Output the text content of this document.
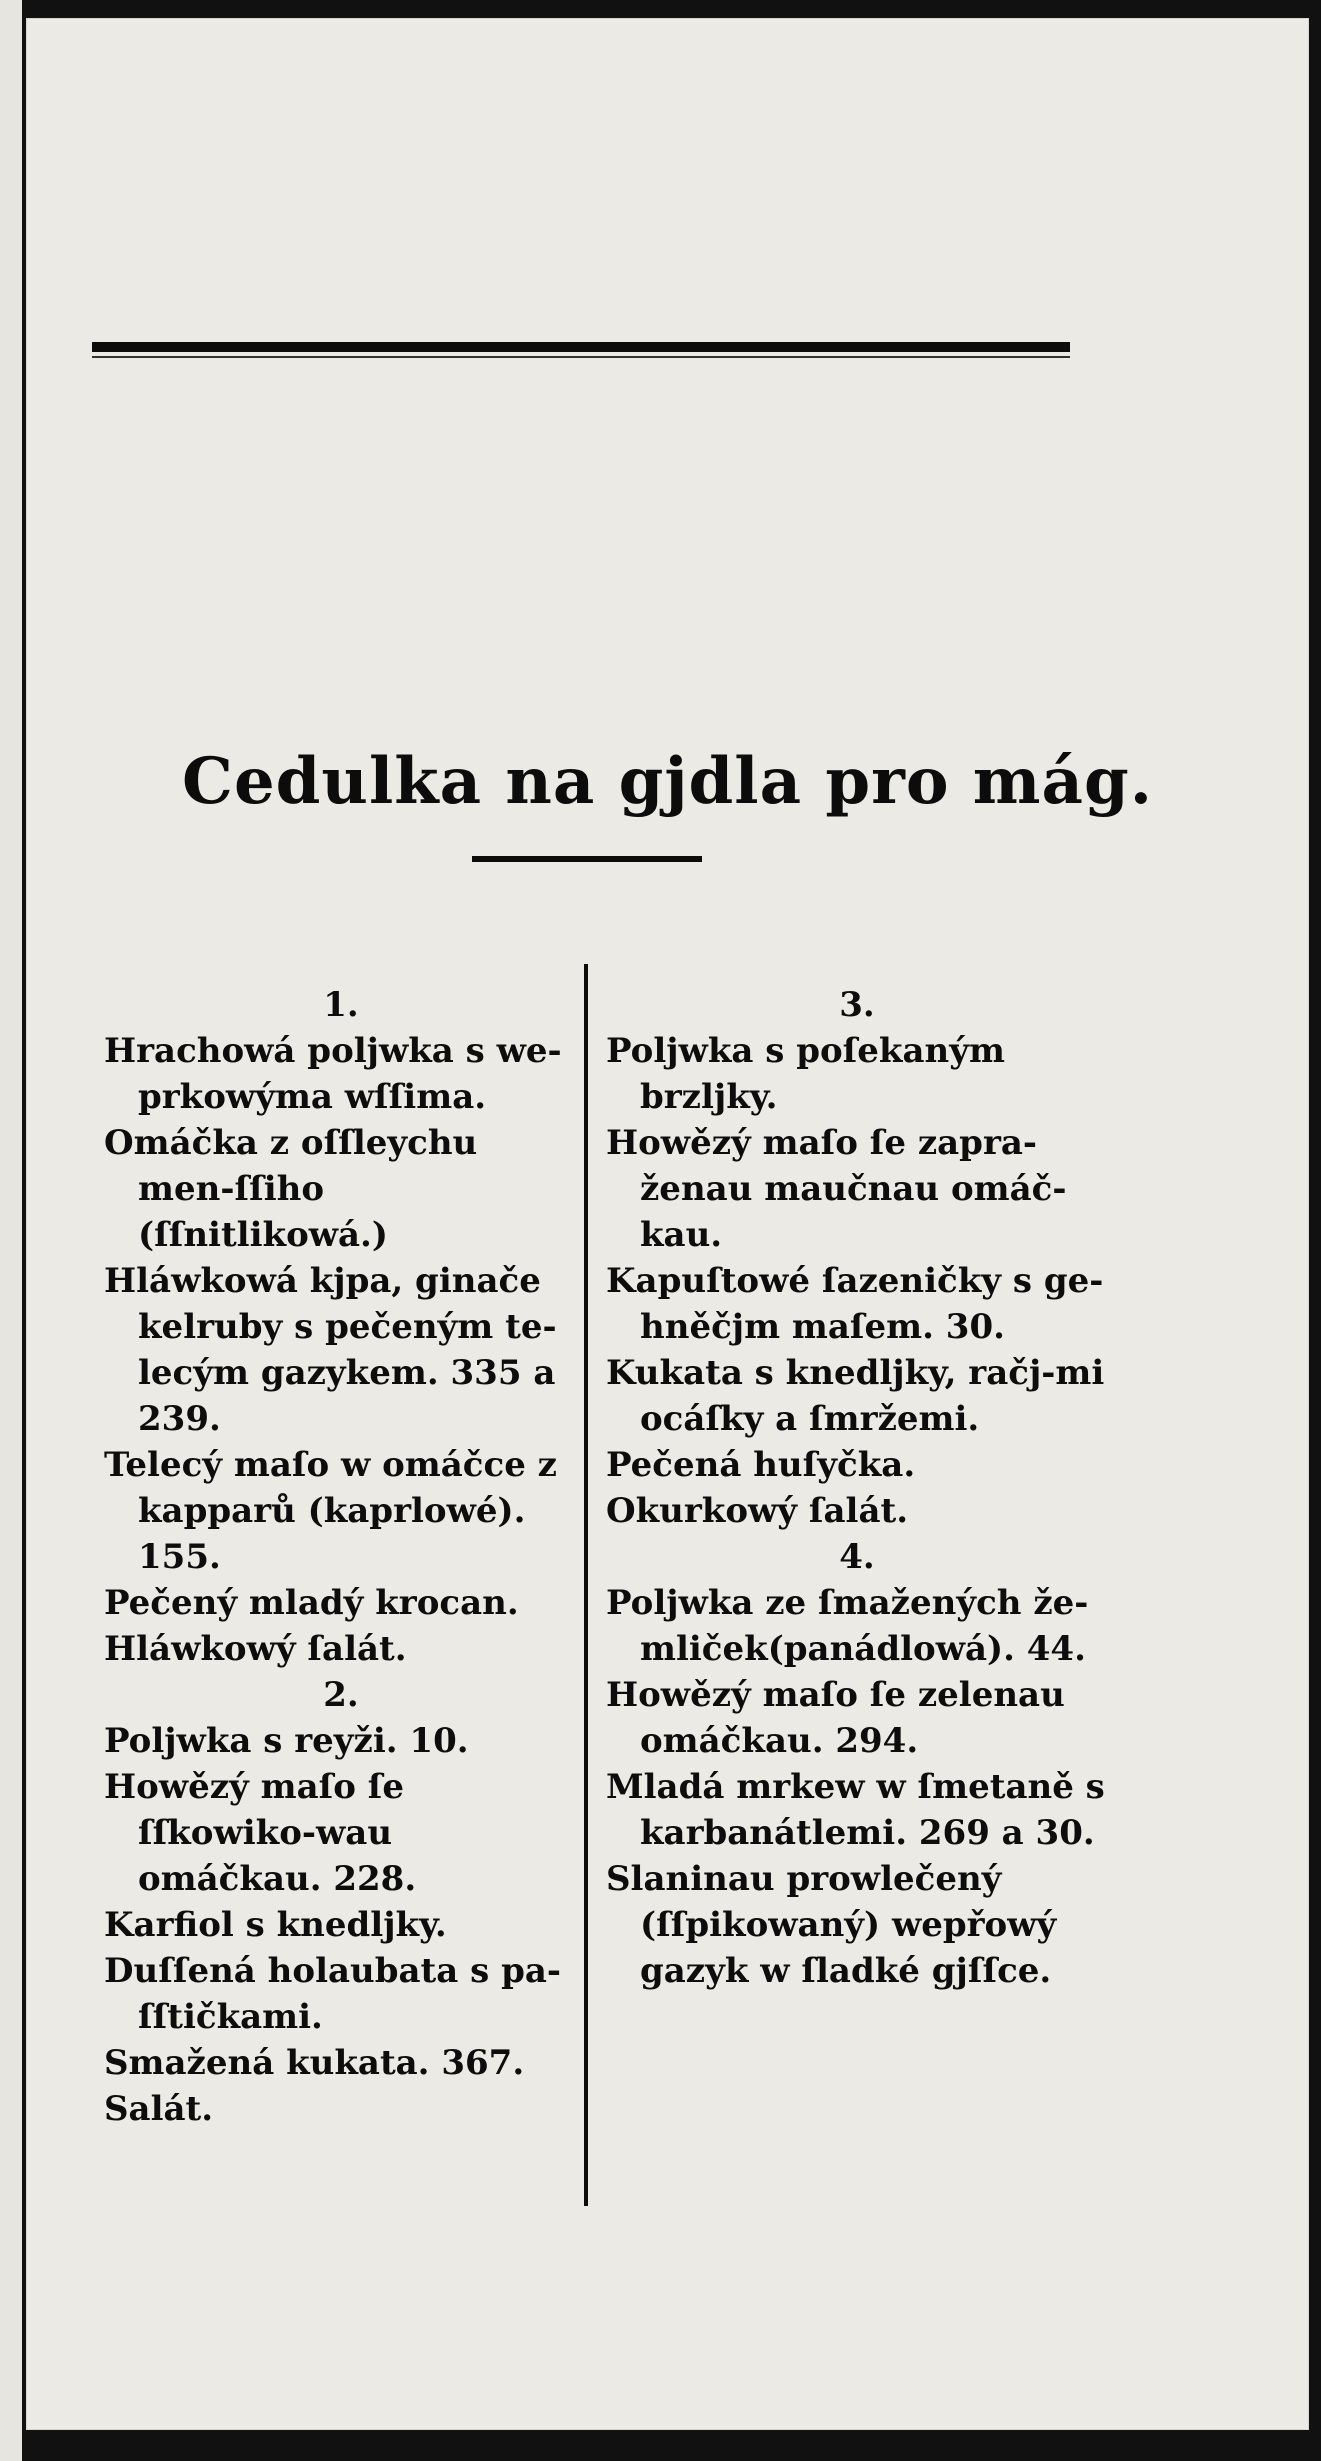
Cedulka na gjdla pro mág.
1.
Hrachowá poljwka s we-prkowýma wſſima.
Omáčka z oſſleychu men-ſſiho (ſſnitlikowá.)
Hláwkowá kjpa, ginače kelruby s pečeným te-lecým gazykem. 335 a 239.
Telecý maſo w omáčce z kapparů (kaprlowé). 155.
Pečený mladý krocan.
Hláwkowý ſalát.
2.
Poljwka s reyži. 10.
Howězý maſo ſe ſſkowiko-wau omáčkau. 228.
Karfiol s knedljky.
Duſſená holaubata s pa-ſſtičkami.
Smažená kukata. 367.
Salát.
3.
Poljwka s poſekaným brzljky.
Howězý maſo ſe zapra-ženau maučnau omáč-kau.
Kapuſtowé ſazeničky s ge-hněčjm maſem. 30.
Kukata s knedljky, račj-mi ocáſky a ſmržemi.
Pečená huſyčka.
Okurkowý ſalát.
4.
Poljwka ze ſmažených že-mliček(panádlowá). 44.
Howězý maſo ſe zelenau omáčkau. 294.
Mladá mrkew w ſmetaně s karbanátlemi. 269 a 30.
Slaninau prowlečený (ſſpikowaný) wepřowý gazyk w ſladké gjſſce.
